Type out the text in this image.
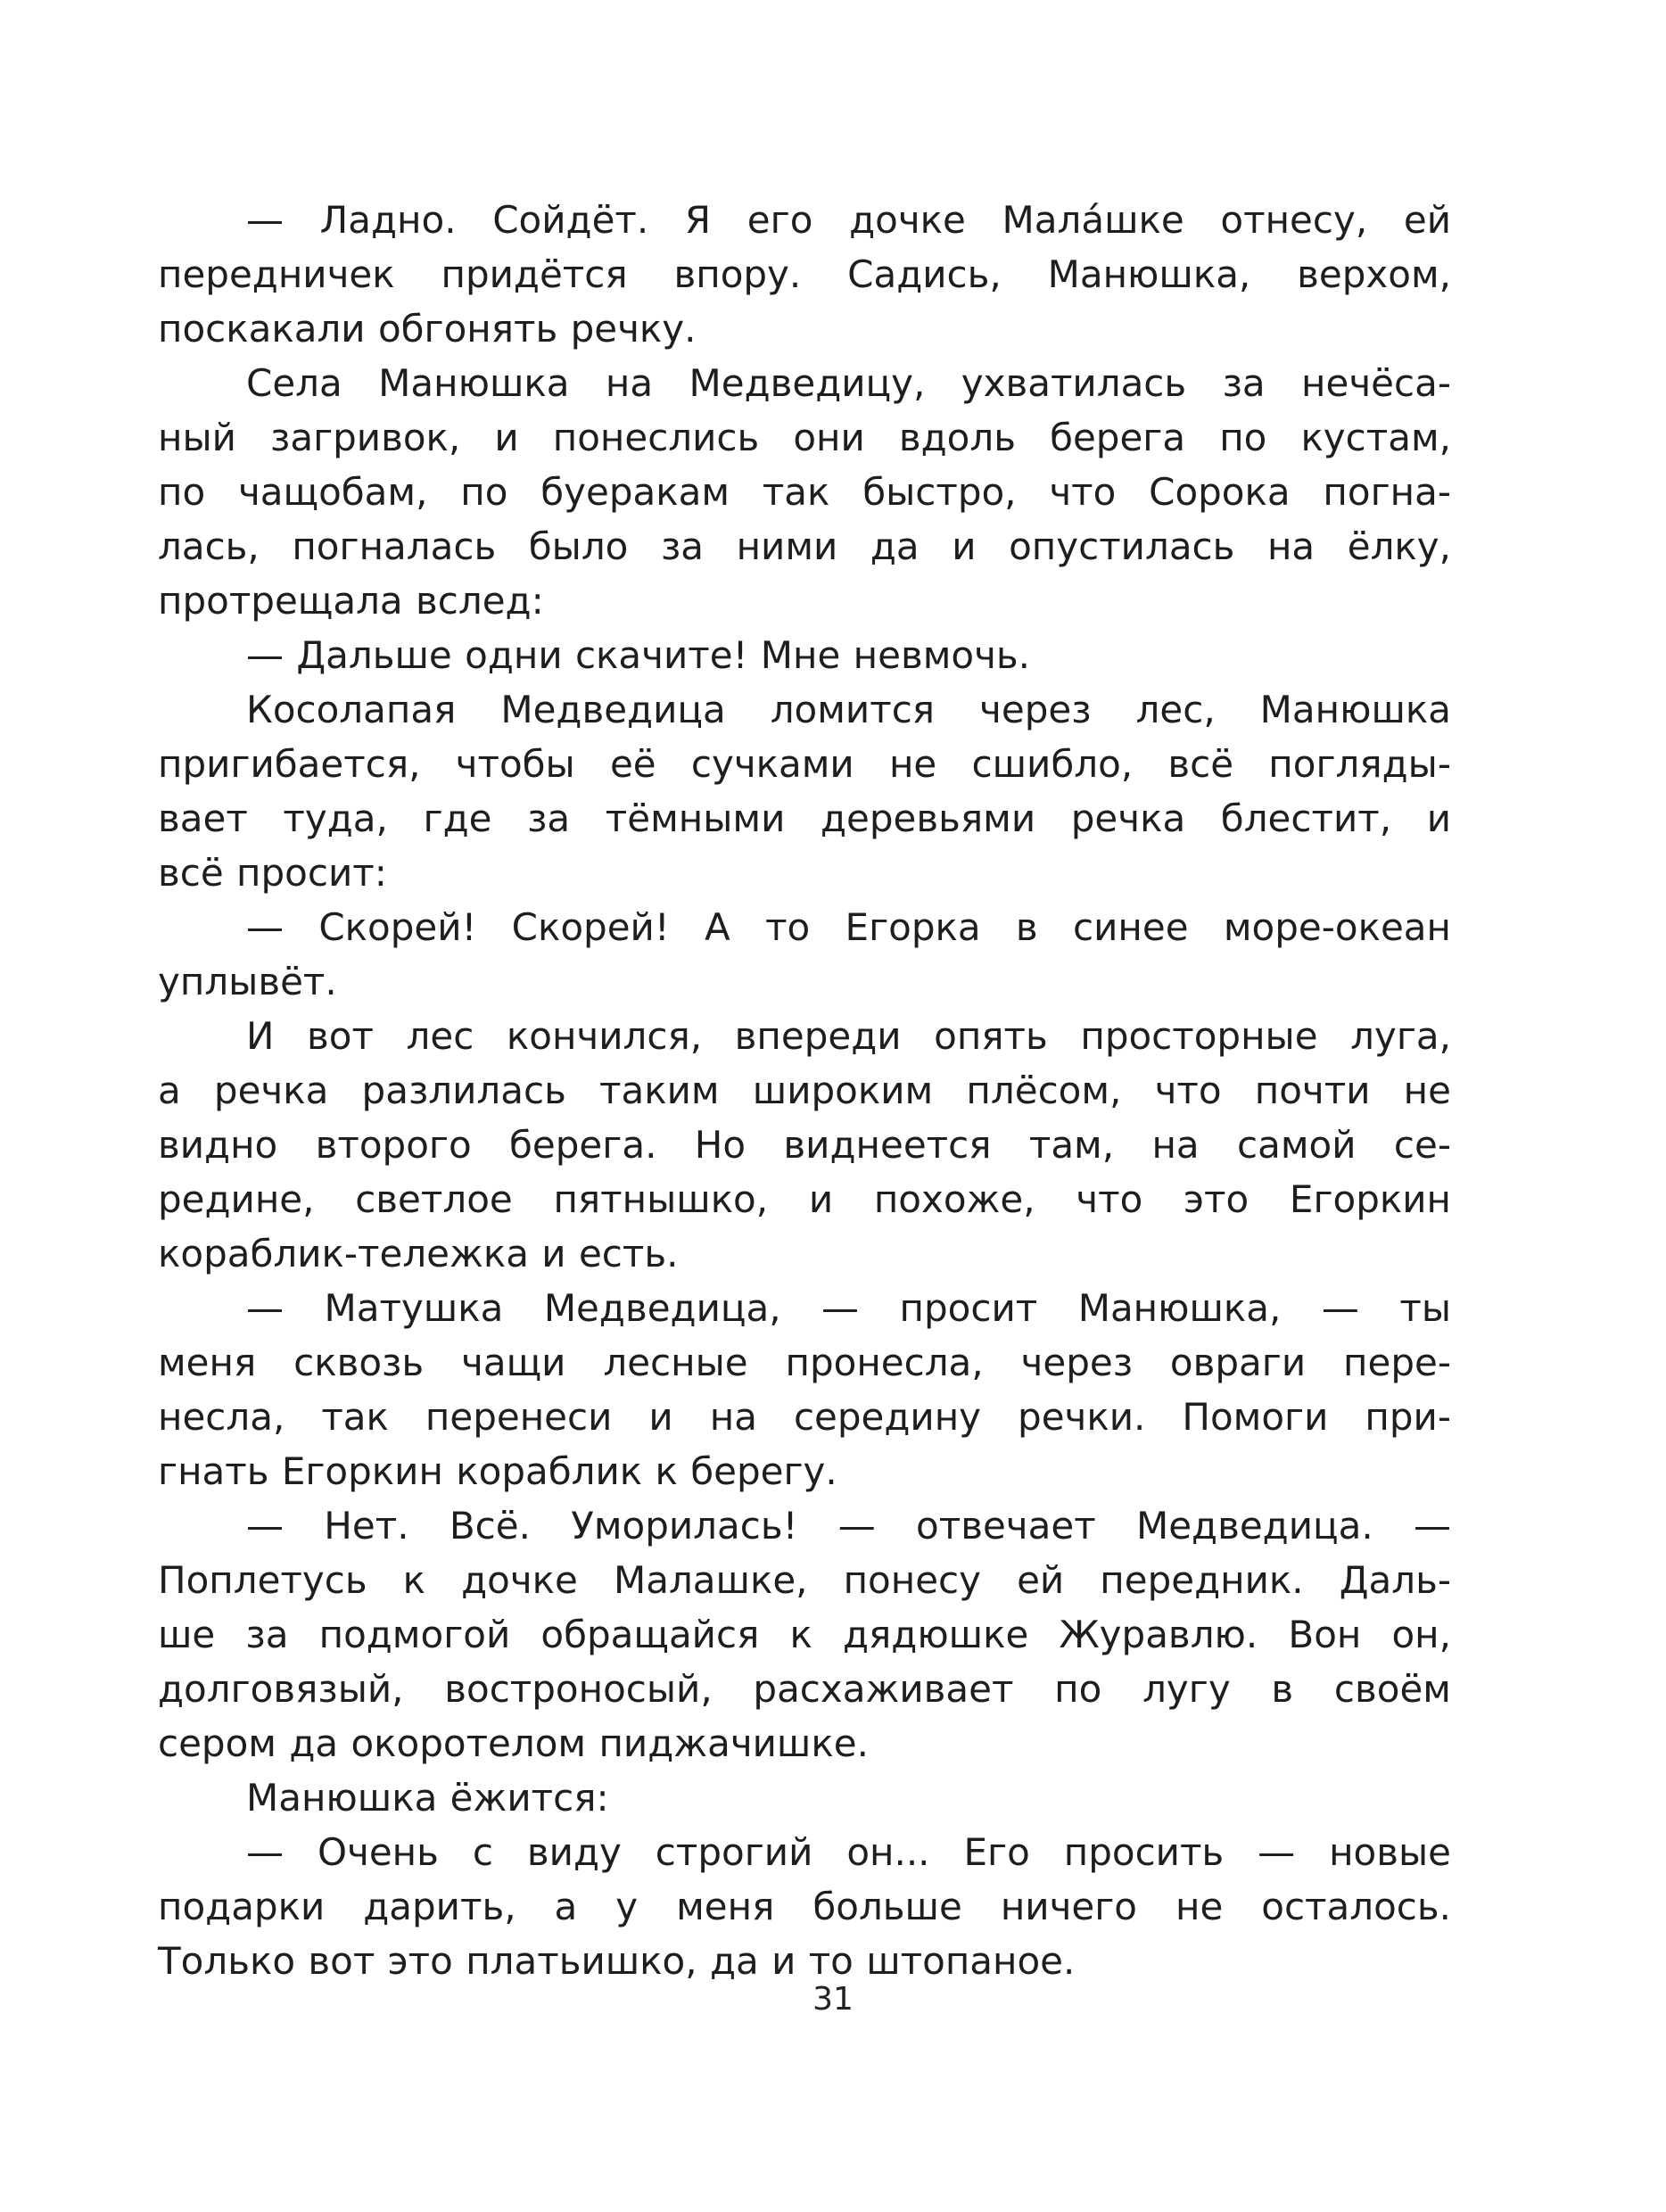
— Ладно. Сойдёт. Я его дочке Мала́шке отнесу, ей
передничек придётся впору. Садись, Манюшка, верхом,
поскакали обгонять речку.
Села Манюшка на Медведицу, ухватилась за нечёса-
ный загривок, и понеслись они вдоль берега по кустам,
по чащобам, по буеракам так быстро, что Сорока погна-
лась, погналась было за ними да и опустилась на ёлку,
протрещала вслед:
— Дальше одни скачите! Мне невмочь.
Косолапая Медведица ломится через лес, Манюшка
пригибается, чтобы её сучками не сшибло, всё погляды-
вает туда, где за тёмными деревьями речка блестит, и
всё просит:
— Скорей! Скорей! А то Егорка в синее море-океан
уплывёт.
И вот лес кончился, впереди опять просторные луга,
а речка разлилась таким широким плёсом, что почти не
видно второго берега. Но виднеется там, на самой се-
редине, светлое пятнышко, и похоже, что это Егоркин
кораблик-тележка и есть.
— Матушка Медведица, — просит Манюшка, — ты
меня сквозь чащи лесные пронесла, через овраги пере-
несла, так перенеси и на середину речки. Помоги при-
гнать Егоркин кораблик к берегу.
— Нет. Всё. Уморилась! — отвечает Медведица. —
Поплетусь к дочке Малашке, понесу ей передник. Даль-
ше за подмогой обращайся к дядюшке Журавлю. Вон он,
долговязый, востроносый, расхаживает по лугу в своём
сером да окоротелом пиджачишке.
Манюшка ёжится:
— Очень с виду строгий он... Его просить — новые
подарки дарить, а у меня больше ничего не осталось.
Только вот это платьишко, да и то штопаное.
31
